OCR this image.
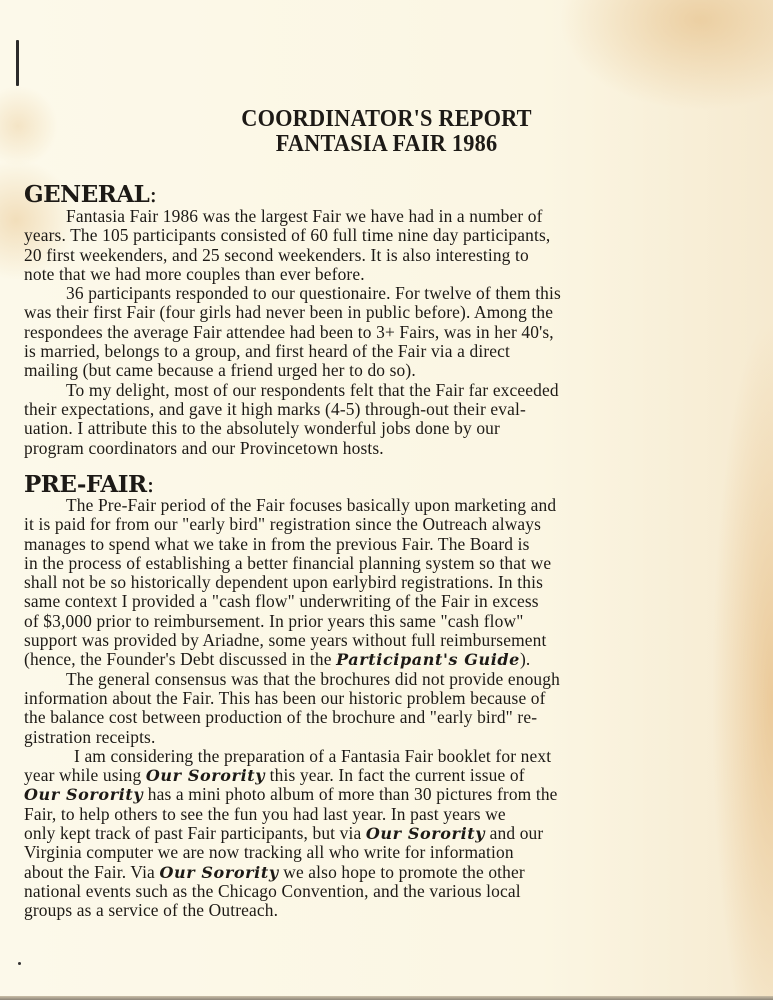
COORDINATOR'S REPORT
FANTASIA FAIR 1986
GENERAL:
Fantasia Fair 1986 was the largest Fair we have had in a number of
years. The 105 participants consisted of 60 full time nine day participants,
20 first weekenders, and 25 second weekenders. It is also interesting to
note that we had more couples than ever before.
36 participants responded to our questionaire. For twelve of them this
was their first Fair (four girls had never been in public before). Among the
respondees the average Fair attendee had been to 3+ Fairs, was in her 40's,
is married, belongs to a group, and first heard of the Fair via a direct
mailing (but came because a friend urged her to do so).
To my delight, most of our respondents felt that the Fair far exceeded
their expectations, and gave it high marks (4-5) through-out their eval-
uation. I attribute this to the absolutely wonderful jobs done by our
program coordinators and our Provincetown hosts.
PRE-FAIR:
The Pre-Fair period of the Fair focuses basically upon marketing and
it is paid for from our "early bird" registration since the Outreach always
manages to spend what we take in from the previous Fair. The Board is
in the process of establishing a better financial planning system so that we
shall not be so historically dependent upon earlybird registrations. In this
same context I provided a "cash flow" underwriting of the Fair in excess
of $3,000 prior to reimbursement. In prior years this same "cash flow"
support was provided by Ariadne, some years without full reimbursement
(hence, the Founder's Debt discussed in the Participant's Guide).
The general consensus was that the brochures did not provide enough
information about the Fair. This has been our historic problem because of
the balance cost between production of the brochure and "early bird" re-
gistration receipts.
I am considering the preparation of a Fantasia Fair booklet for next
year while using Our Sorority this year. In fact the current issue of
Our Sorority has a mini photo album of more than 30 pictures from the
Fair, to help others to see the fun you had last year. In past years we
only kept track of past Fair participants, but via Our Sorority and our
Virginia computer we are now tracking all who write for information
about the Fair. Via Our Sorority we also hope to promote the other
national events such as the Chicago Convention, and the various local
groups as a service of the Outreach.
